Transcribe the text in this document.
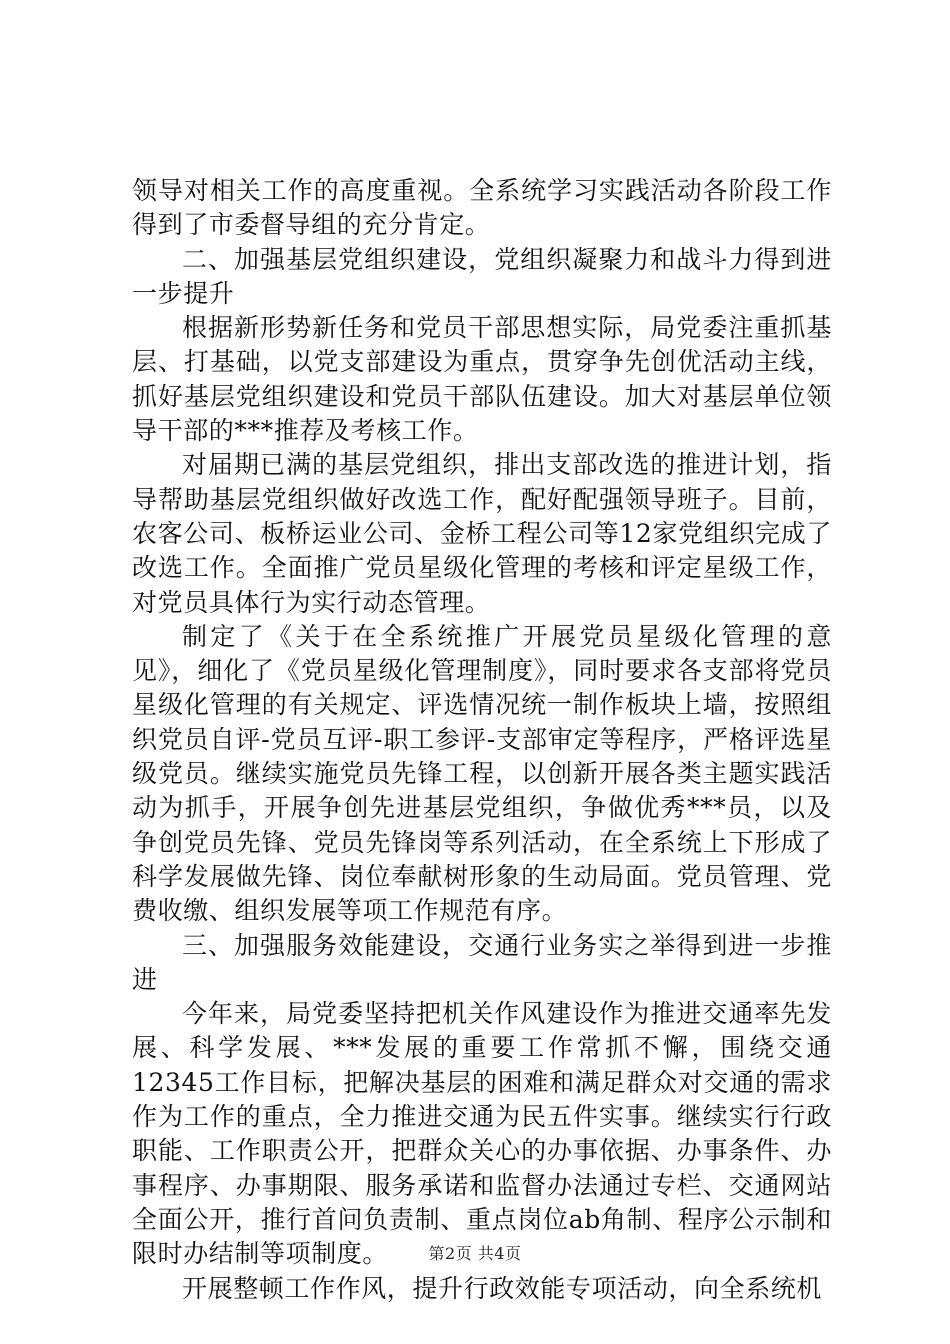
领导对相关工作的高度重视。全系统学习实践活动各阶段工作得到了市委督导组的充分肯定。

二、加强基层党组织建设，党组织凝聚力和战斗力得到进一步提升

根据新形势新任务和党员干部思想实际，局党委注重抓基层、打基础，以党支部建设为重点，贯穿争先创优活动主线，抓好基层党组织建设和党员干部队伍建设。加大对基层单位领导干部的***推荐及考核工作。

对届期已满的基层党组织，排出支部改选的推进计划，指导帮助基层党组织做好改选工作，配好配强领导班子。目前，农客公司、板桥运业公司、金桥工程公司等12家党组织完成了改选工作。全面推广党员星级化管理的考核和评定星级工作，对党员具体行为实行动态管理。

制定了《关于在全系统推广开展党员星级化管理的意见》，细化了《党员星级化管理制度》，同时要求各支部将党员星级化管理的有关规定、评选情况统一制作板块上墙，按照组织党员自评-党员互评-职工参评-支部审定等程序，严格评选星级党员。继续实施党员先锋工程，以创新开展各类主题实践活动为抓手，开展争创先进基层党组织，争做优秀***员，以及争创党员先锋、党员先锋岗等系列活动，在全系统上下形成了科学发展做先锋、岗位奉献树形象的生动局面。党员管理、党费收缴、组织发展等项工作规范有序。

三、加强服务效能建设，交通行业务实之举得到进一步推进

今年来，局党委坚持把机关作风建设作为推进交通率先发展、科学发展、***发展的重要工作常抓不懈，围绕交通12345工作目标，把解决基层的困难和满足群众对交通的需求作为工作的重点，全力推进交通为民五件实事。继续实行行政职能、工作职责公开，把群众关心的办事依据、办事条件、办事程序、办事期限、服务承诺和监督办法通过专栏、交通网站全面公开，推行首问负责制、重点岗位ab角制、程序公示制和限时办结制等项制度。

开展整顿工作作风，提升行政效能专项活动，向全系统机

第2页 共4页
